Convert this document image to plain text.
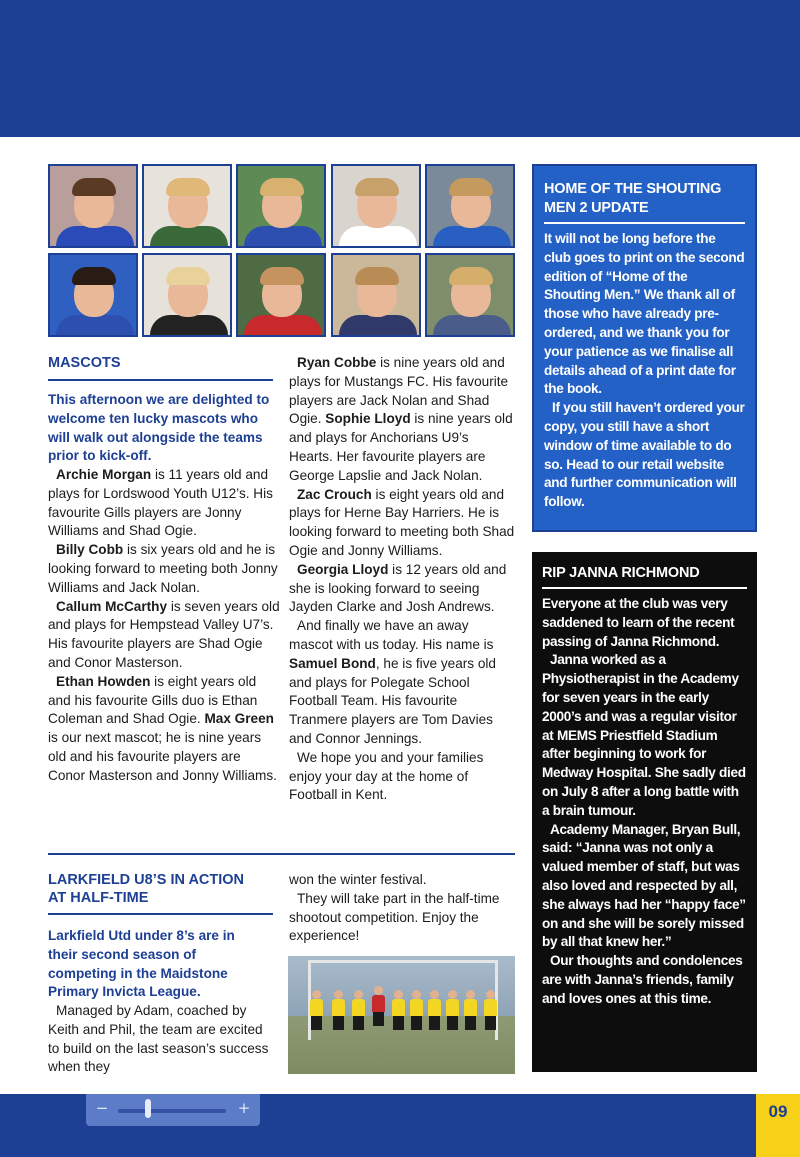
09
−	+
MASCOTS
This afternoon we are delighted to welcome ten lucky mascots who will walk out alongside the teams prior to kick-off.

Archie Morgan is 11 years old and plays for Lordswood Youth U12’s. His favourite Gills players are Jonny Williams and Shad Ogie.

Billy Cobb is six years old and he is looking forward to meeting both Jonny Williams and Jack Nolan.

Callum McCarthy is seven years old and plays for Hempstead Valley U7’s. His favourite players are Shad Ogie and Conor Masterson.

Ethan Howden is eight years old and his favourite Gills duo is Ethan Coleman and Shad Ogie. Max Green is our next mascot; he is nine years old and his favourite players are Conor Masterson and Jonny Williams.

Ryan Cobbe is nine years old and plays for Mustangs FC. His favourite players are Jack Nolan and Shad Ogie. Sophie Lloyd is nine years old and plays for Anchorians U9’s Hearts. Her favourite players are George Lapslie and Jack Nolan.

Zac Crouch is eight years old and plays for Herne Bay Harriers. He is looking forward to meeting both Shad Ogie and Jonny Williams.

Georgia Lloyd is 12 years old and she is looking forward to seeing Jayden Clarke and Josh Andrews.

And finally we have an away mascot with us today. His name is Samuel Bond, he is five years old and plays for Polegate School Football Team. His favourite Tranmere players are Tom Davies and Connor Jennings.

We hope you and your families enjoy your day at the home of Football in Kent.

LARKFIELD U8’S IN ACTION
AT HALF-TIME
Larkfield Utd under 8’s are in their second season of competing in the Maidstone Primary Invicta League.

Managed by Adam, coached by Keith and Phil, the team are excited to build on the last season’s success when they

won the winter festival.

They will take part in the half-time shootout competition. Enjoy the experience!

HOME OF THE SHOUTING MEN 2 UPDATE

It will not be long before the club goes to print on the second edition of “Home of the Shouting Men.” We thank all of those who have already pre-ordered, and we thank you for your patience as we finalise all details ahead of a print date for the book.

If you still haven’t ordered your copy, you still have a short window of time available to do so. Head to our retail website and further communication will follow.

RIP JANNA RICHMOND

Everyone at the club was very saddened to learn of the recent passing of Janna Richmond.

Janna worked as a Physiotherapist in the Academy for seven years in the early 2000’s and was a regular visitor at MEMS Priestfield Stadium after beginning to work for Medway Hospital. She sadly died on July 8 after a long battle with a brain tumour.

Academy Manager, Bryan Bull, said: “Janna was not only a valued member of staff, but was also loved and respected by all, she always had her “happy face” on and she will be sorely missed by all that knew her.”

Our thoughts and condolences are with Janna’s friends, family and loves ones at this time.
